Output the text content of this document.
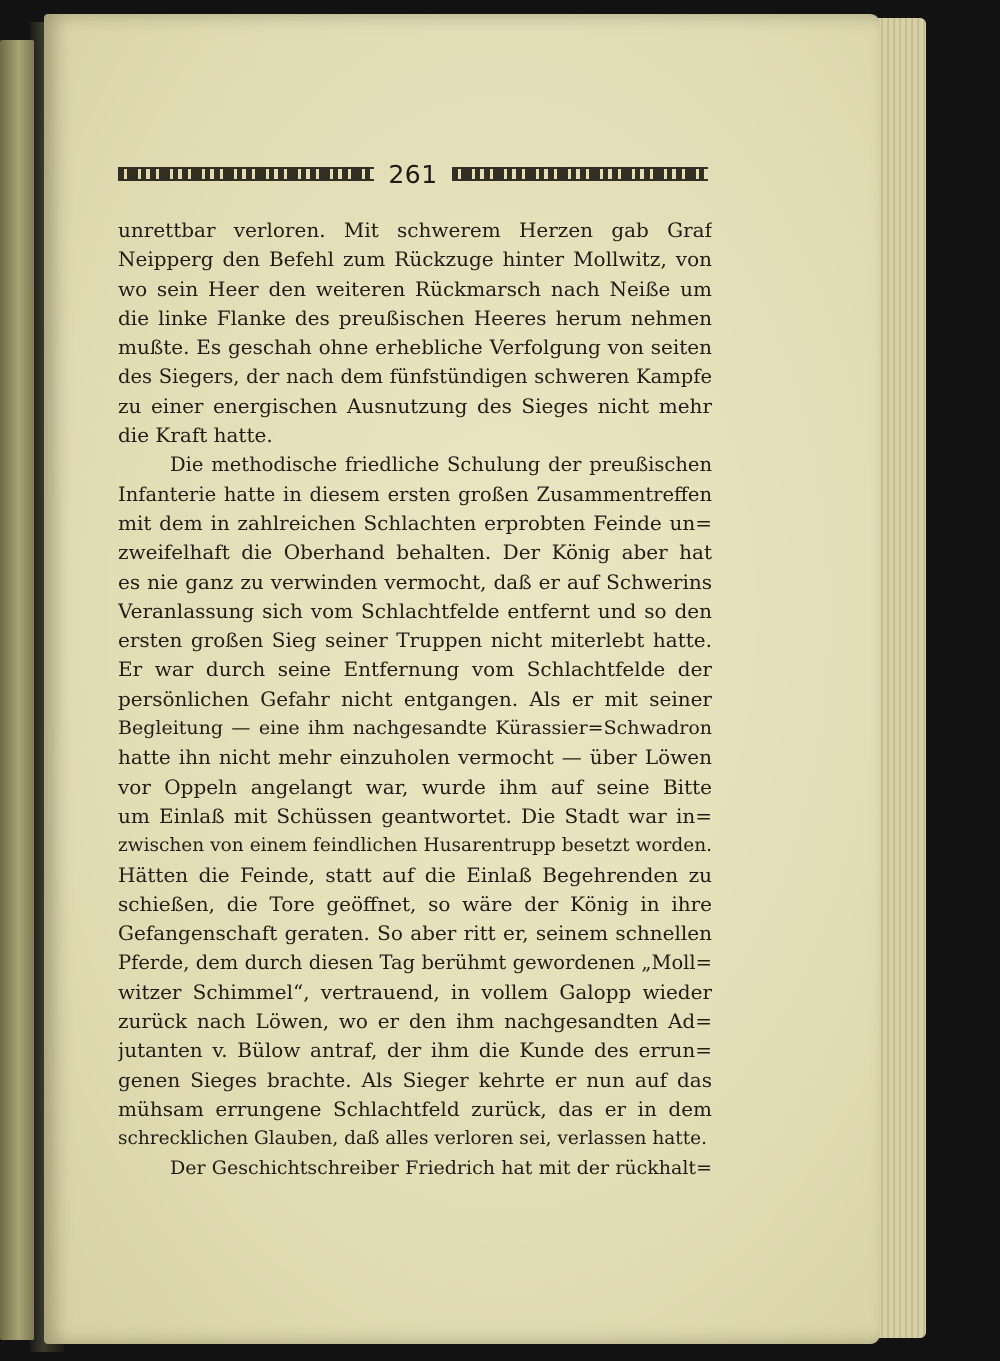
261
unrettbar verloren. Mit schwerem Herzen gab Graf
Neipperg den Befehl zum Rückzuge hinter Mollwitz, von
wo sein Heer den weiteren Rückmarsch nach Neiße um
die linke Flanke des preußischen Heeres herum nehmen
mußte. Es geschah ohne erhebliche Verfolgung von seiten
des Siegers, der nach dem fünfstündigen schweren Kampfe
zu einer energischen Ausnutzung des Sieges nicht mehr
die Kraft hatte.
Die methodische friedliche Schulung der preußischen
Infanterie hatte in diesem ersten großen Zusammentreffen
mit dem in zahlreichen Schlachten erprobten Feinde un=
zweifelhaft die Oberhand behalten. Der König aber hat
es nie ganz zu verwinden vermocht, daß er auf Schwerins
Veranlassung sich vom Schlachtfelde entfernt und so den
ersten großen Sieg seiner Truppen nicht miterlebt hatte.
Er war durch seine Entfernung vom Schlachtfelde der
persönlichen Gefahr nicht entgangen. Als er mit seiner
Begleitung — eine ihm nachgesandte Kürassier=Schwadron
hatte ihn nicht mehr einzuholen vermocht — über Löwen
vor Oppeln angelangt war, wurde ihm auf seine Bitte
um Einlaß mit Schüssen geantwortet. Die Stadt war in=
zwischen von einem feindlichen Husarentrupp besetzt worden.
Hätten die Feinde, statt auf die Einlaß Begehrenden zu
schießen, die Tore geöffnet, so wäre der König in ihre
Gefangenschaft geraten. So aber ritt er, seinem schnellen
Pferde, dem durch diesen Tag berühmt gewordenen „Moll=
witzer Schimmel“, vertrauend, in vollem Galopp wieder
zurück nach Löwen, wo er den ihm nachgesandten Ad=
jutanten v. Bülow antraf, der ihm die Kunde des errun=
genen Sieges brachte. Als Sieger kehrte er nun auf das
mühsam errungene Schlachtfeld zurück, das er in dem
schrecklichen Glauben, daß alles verloren sei, verlassen hatte.
Der Geschichtschreiber Friedrich hat mit der rückhalt=
